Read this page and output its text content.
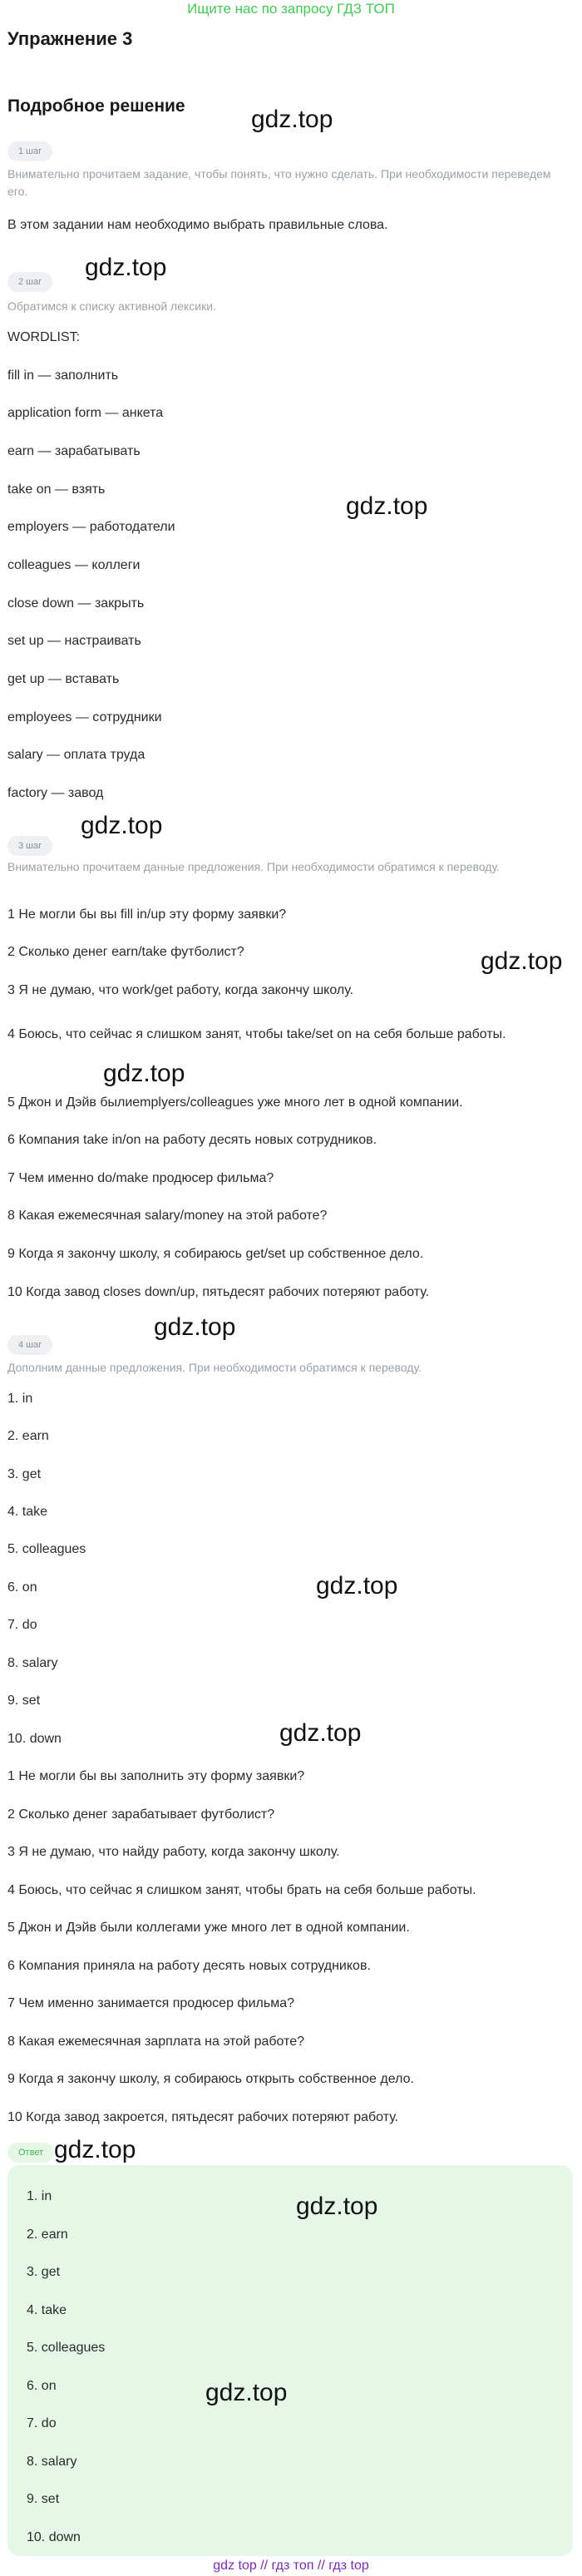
Ищите нас по запросу ГДЗ ТОП
Упражнение 3
Подробное решение
1 шаг
Внимательно прочитаем задание, чтобы понять, что нужно сделать. При необходимости переведем его.
В этом задании нам необходимо выбрать правильные слова.
2 шаг
Обратимся к списку активной лексики.
WORDLIST:
fill in — заполнить
application form — анкета
earn — зарабатывать
take on — взять
employers — работодатели
colleagues — коллеги
close down — закрыть
set up — настраивать
get up — вставать
employees — сотрудники
salary — оплата труда
factory — завод
3 шаг
Внимательно прочитаем данные предложения. При необходимости обратимся к переводу.
1 Не могли бы вы fill in/up эту форму заявки?
2 Сколько денег earn/take футболист?
3 Я не думаю, что work/get работу, когда закончу школу.
4 Боюсь, что сейчас я слишком занят, чтобы take/set on на себя больше работы.
5 Джон и Дэйв былиemplyers/colleagues уже много лет в одной компании.
6 Компания take in/on на работу десять новых сотрудников.
7 Чем именно do/make продюсер фильма?
8 Какая ежемесячная salary/money на этой работе?
9 Когда я закончу школу, я собираюсь get/set up собственное дело.
10 Когда завод closes down/up, пятьдесят рабочих потеряют работу.
4 шаг
Дополним данные предложения. При необходимости обратимся к переводу.
1. in
2. earn
3. get
4. take
5. colleagues
6. on
7. do
8. salary
9. set
10. down
1 Не могли бы вы заполнить эту форму заявки?
2 Сколько денег зарабатывает футболист?
3 Я не думаю, что найду работу, когда закончу школу.
4 Боюсь, что сейчас я слишком занят, чтобы брать на себя больше работы.
5 Джон и Дэйв были коллегами уже много лет в одной компании.
6 Компания приняла на работу десять новых сотрудников.
7 Чем именно занимается продюсер фильма?
8 Какая ежемесячная зарплата на этой работе?
9 Когда я закончу школу, я собираюсь открыть собственное дело.
10 Когда завод закроется, пятьдесят рабочих потеряют работу.
Ответ
1. in
2. earn
3. get
4. take
5. colleagues
6. on
7. do
8. salary
9. set
10. down
gdz.top
gdz.top
gdz.top
gdz.top
gdz.top
gdz.top
gdz.top
gdz.top
gdz.top
gdz.top
gdz.top
gdz.top
gdz top // гдз топ // гдз top
